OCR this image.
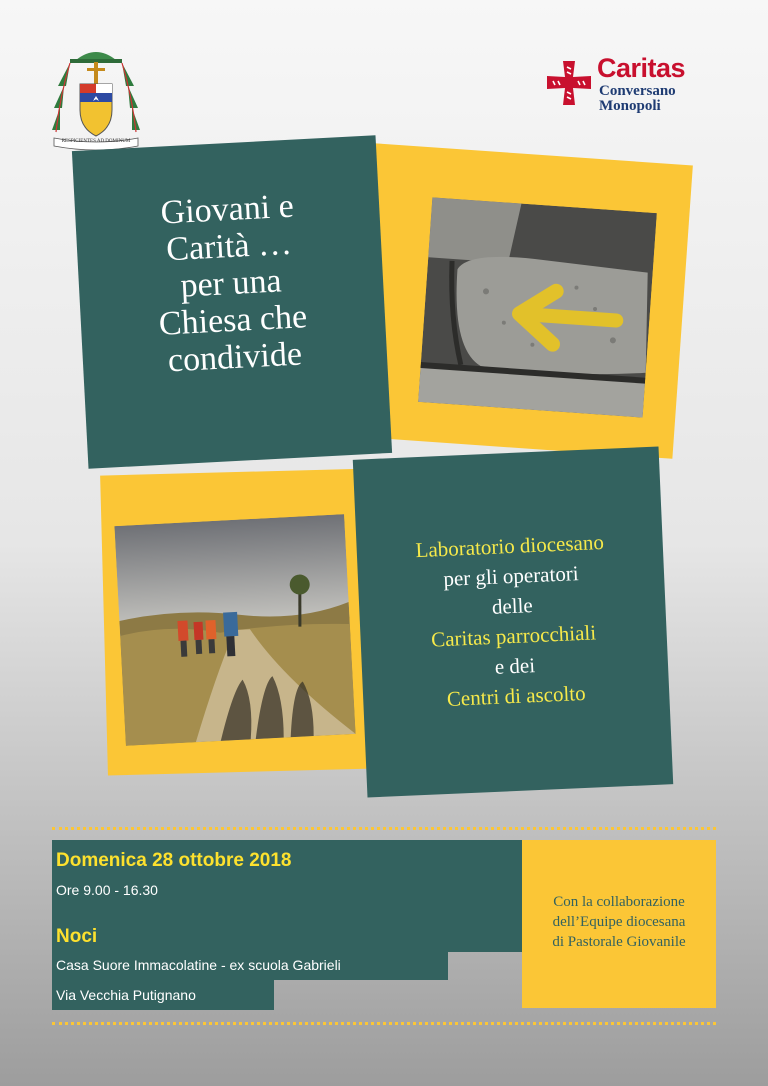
RESPICIENTES AD DOMINUM
Caritas
Conversano
Monopoli
Giovani e
Carità …
per una
Chiesa che
condivide
Laboratorio diocesano
per gli operatori
delle
Caritas parrocchiali
e dei
Centri di ascolto
Domenica 28 ottobre 2018
Ore 9.00 - 16.30
Noci
Casa Suore Immacolatine - ex scuola Gabrieli
Via Vecchia Putignano
Con la collaborazione
dell’Equipe diocesana
di Pastorale Giovanile
